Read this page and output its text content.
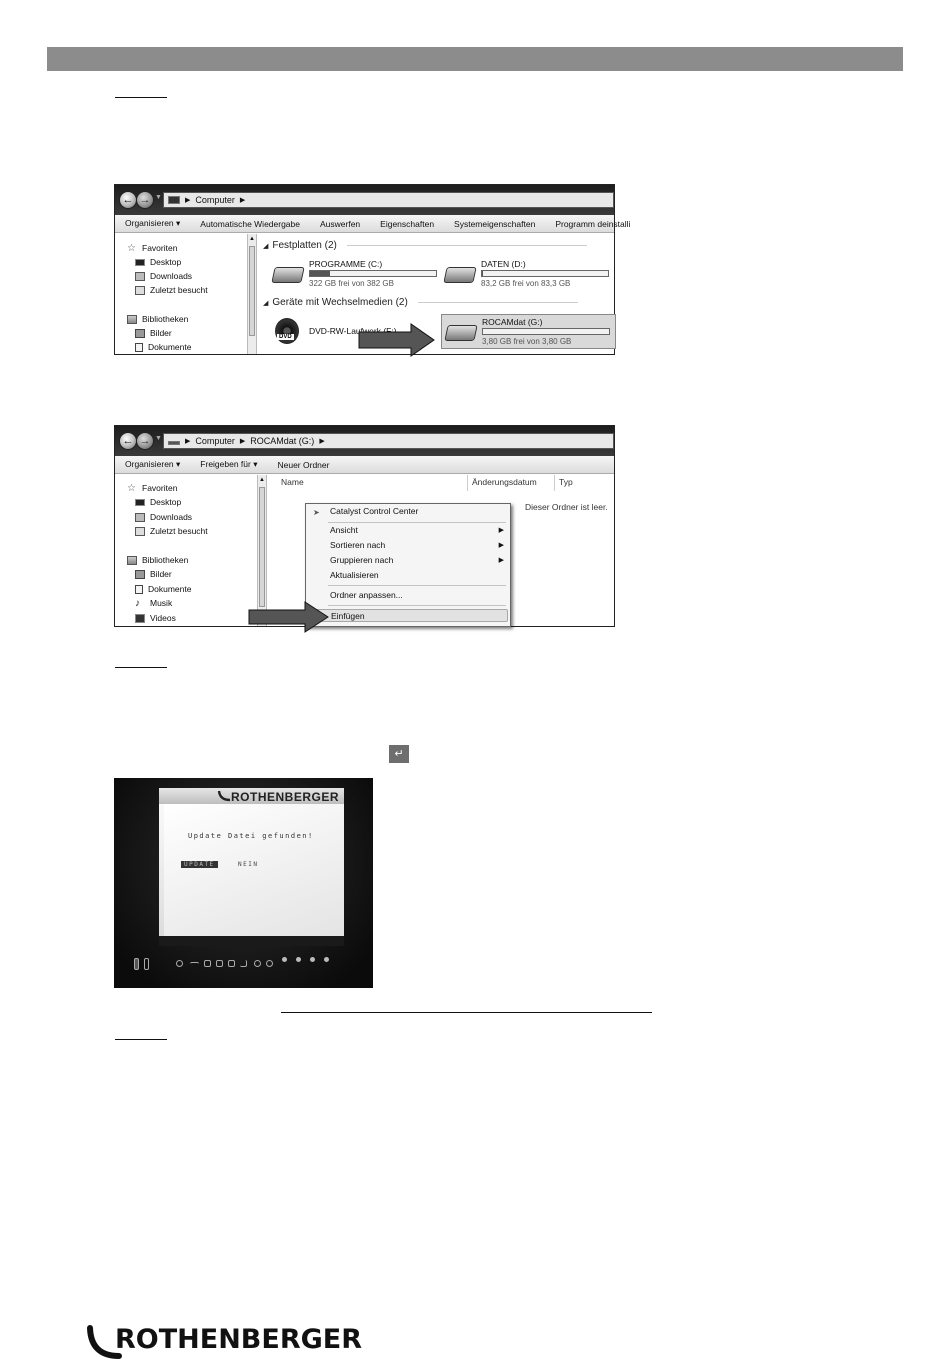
← → ▼	▶ Computer ▶
Organisieren ▾	Automatische Wiedergabe	Auswerfen	Eigenschaften	Systemeigenschaften	Programm deinstalli
☆ Favoriten
Desktop
Downloads
Zuletzt besucht
Bibliotheken
Bilder
Dokumente
▲
◢ Festplatten (2)
PROGRAMME (C:)
322 GB frei von 382 GB
DATEN (D:)
83,2 GB frei von 83,3 GB
◢ Geräte mit Wechselmedien (2)
DVD
DVD-RW-Laufwerk (F:)
ROCAMdat (G:)
3,80 GB frei von 3,80 GB
← → ▼	▶ Computer ▶ ROCAMdat (G:) ▶
Organisieren ▾	Freigeben für ▾	Neuer Ordner
☆ Favoriten
Desktop
Downloads
Zuletzt besucht
Bibliotheken
Bilder
Dokumente
♪	Musik
Videos
▲ Name	Änderungsdatum	Typ
Dieser Ordner ist leer.
➤ Catalyst Control Center
Ansicht	▶
Sortieren nach	▶
Gruppieren nach	▶
Aktualisieren
Ordner anpassen...
Einfügen
↵
ROTHENBERGER
Update Datei gefunden!
UPDATE	NEIN
ROTHENBERGER
